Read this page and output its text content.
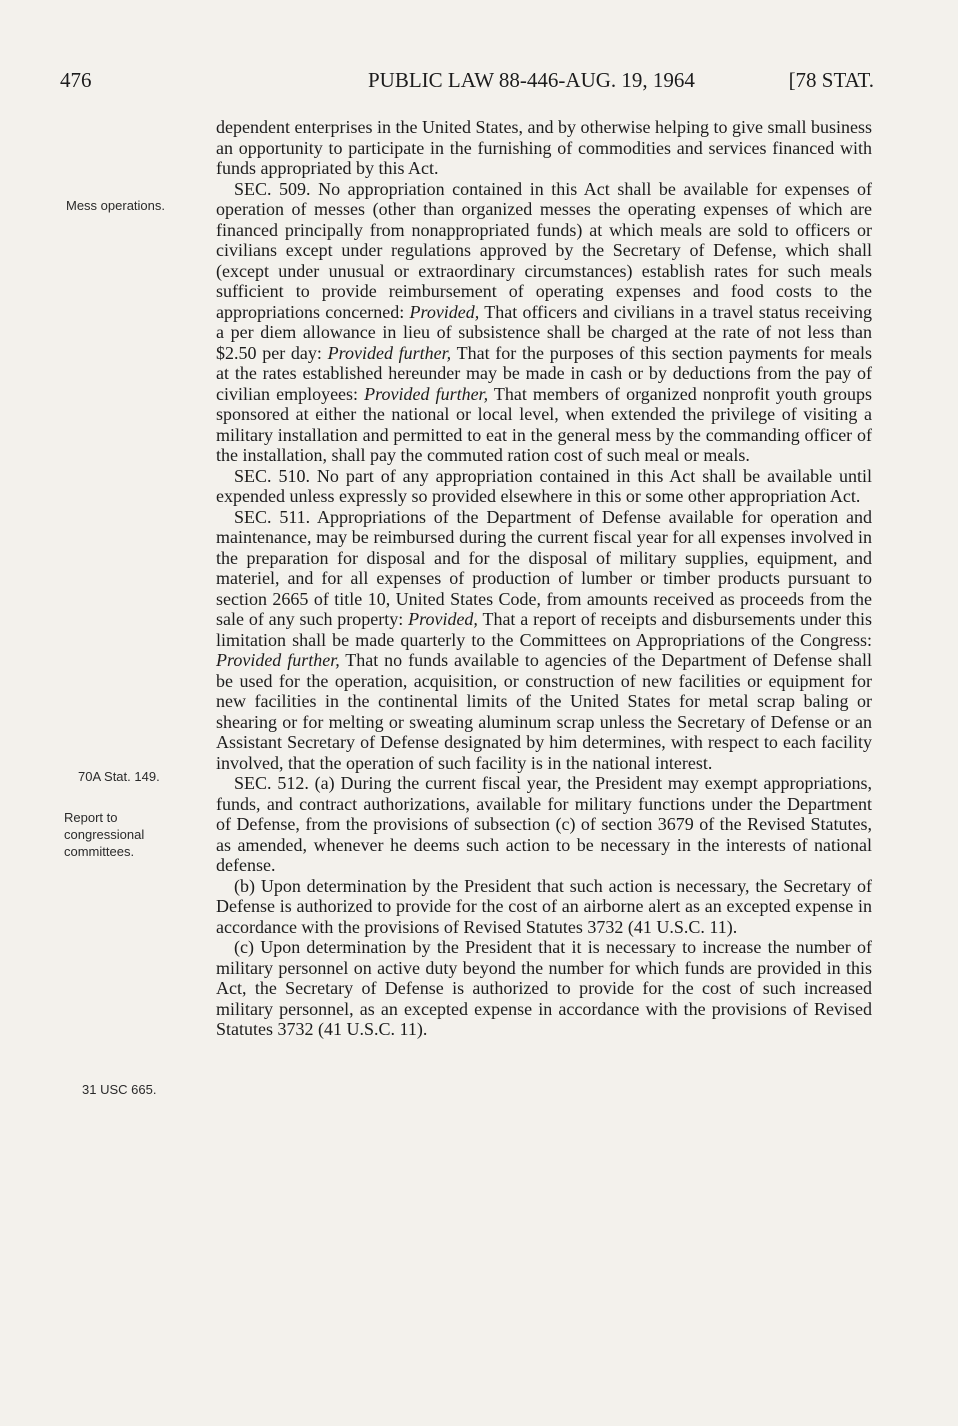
476	PUBLIC LAW 88-446-AUG. 19, 1964	[78 STAT.
Mess operations.
70A Stat. 149.
Report to congressional committees.
31 USC 665.

dependent enterprises in the United States, and by otherwise helping to give small business an opportunity to participate in the furnishing of commodities and services financed with funds appropriated by this Act.

SEC. 509. No appropriation contained in this Act shall be available for expenses of operation of messes (other than organized messes the operating expenses of which are financed principally from nonappropriated funds) at which meals are sold to officers or civilians except under regulations approved by the Secretary of Defense, which shall (except under unusual or extraordinary circumstances) establish rates for such meals sufficient to provide reimbursement of operating expenses and food costs to the appropriations concerned: Provided, That officers and civilians in a travel status receiving a per diem allowance in lieu of subsistence shall be charged at the rate of not less than $2.50 per day: Provided further, That for the purposes of this section payments for meals at the rates established hereunder may be made in cash or by deductions from the pay of civilian employees: Provided further, That members of organized nonprofit youth groups sponsored at either the national or local level, when extended the privilege of visiting a military installation and permitted to eat in the general mess by the commanding officer of the installation, shall pay the commuted ration cost of such meal or meals.

SEC. 510. No part of any appropriation contained in this Act shall be available until expended unless expressly so provided elsewhere in this or some other appropriation Act.

SEC. 511. Appropriations of the Department of Defense available for operation and maintenance, may be reimbursed during the current fiscal year for all expenses involved in the preparation for disposal and for the disposal of military supplies, equipment, and materiel, and for all expenses of production of lumber or timber products pursuant to section 2665 of title 10, United States Code, from amounts received as proceeds from the sale of any such property: Provided, That a report of receipts and disbursements under this limitation shall be made quarterly to the Committees on Appropriations of the Congress: Provided further, That no funds available to agencies of the Department of Defense shall be used for the operation, acquisition, or construction of new facilities or equipment for new facilities in the continental limits of the United States for metal scrap baling or shearing or for melting or sweating aluminum scrap unless the Secretary of Defense or an Assistant Secretary of Defense designated by him determines, with respect to each facility involved, that the operation of such facility is in the national interest.

SEC. 512. (a) During the current fiscal year, the President may exempt appropriations, funds, and contract authorizations, available for military functions under the Department of Defense, from the provisions of subsection (c) of section 3679 of the Revised Statutes, as amended, whenever he deems such action to be necessary in the interests of national defense.

(b) Upon determination by the President that such action is necessary, the Secretary of Defense is authorized to provide for the cost of an airborne alert as an excepted expense in accordance with the provisions of Revised Statutes 3732 (41 U.S.C. 11).

(c) Upon determination by the President that it is necessary to increase the number of military personnel on active duty beyond the number for which funds are provided in this Act, the Secretary of Defense is authorized to provide for the cost of such increased military personnel, as an excepted expense in accordance with the provisions of Revised Statutes 3732 (41 U.S.C. 11).
